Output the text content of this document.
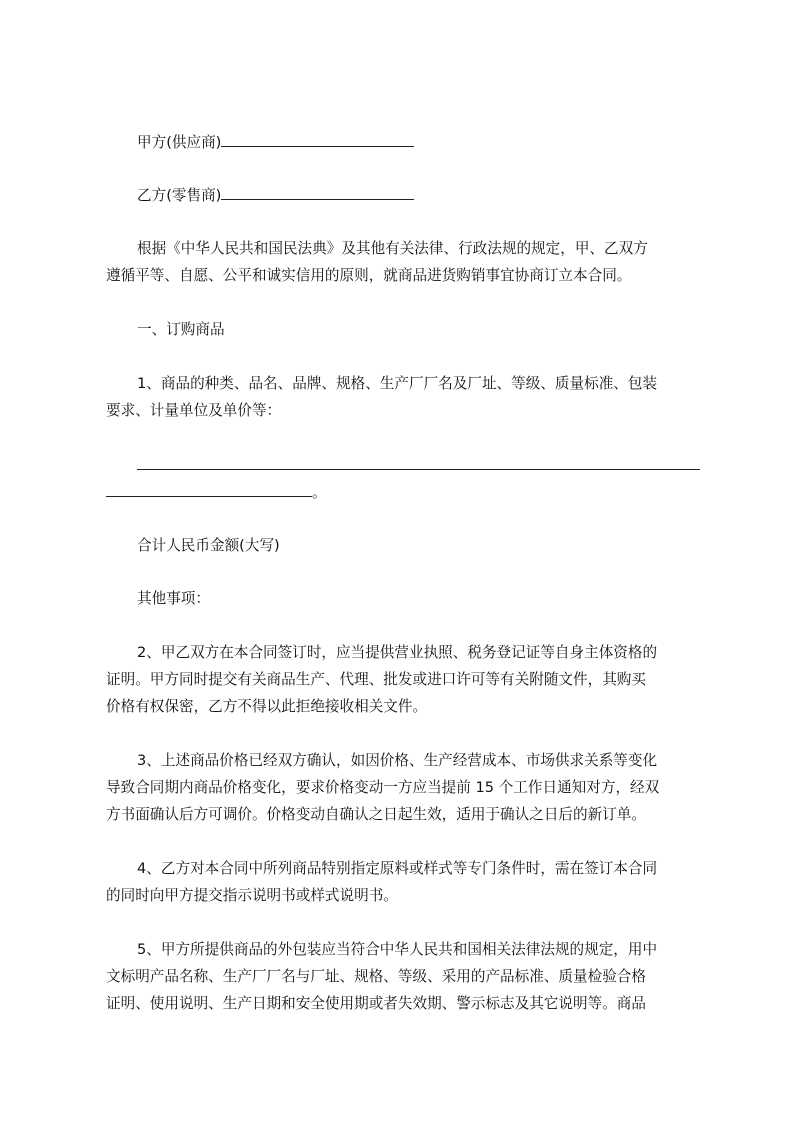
甲方(供应商)
乙方(零售商)
根据《中华人民共和国民法典》及其他有关法律、行政法规的规定，甲、乙双方
遵循平等、自愿、公平和诚实信用的原则，就商品进货购销事宜协商订立本合同。
一、订购商品
1、商品的种类、品名、品牌、规格、生产厂厂名及厂址、等级、质量标准、包装
要求、计量单位及单价等：
。
合计人民币金额(大写)
其他事项：
2、甲乙双方在本合同签订时，应当提供营业执照、税务登记证等自身主体资格的
证明。甲方同时提交有关商品生产、代理、批发或进口许可等有关附随文件，其购买
价格有权保密，乙方不得以此拒绝接收相关文件。
3、上述商品价格已经双方确认，如因价格、生产经营成本、市场供求关系等变化
导致合同期内商品价格变化，要求价格变动一方应当提前 15 个工作日通知对方，经双
方书面确认后方可调价。价格变动自确认之日起生效，适用于确认之日后的新订单。
4、乙方对本合同中所列商品特别指定原料或样式等专门条件时，需在签订本合同
的同时向甲方提交指示说明书或样式说明书。
5、甲方所提供商品的外包装应当符合中华人民共和国相关法律法规的规定，用中
文标明产品名称、生产厂厂名与厂址、规格、等级、采用的产品标准、质量检验合格
证明、使用说明、生产日期和安全使用期或者失效期、警示标志及其它说明等。商品
